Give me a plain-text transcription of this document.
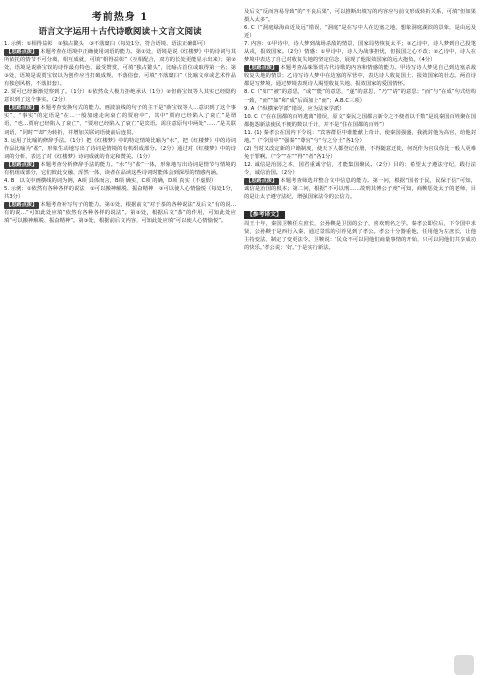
考前热身 1
语言文字运用＋古代诗歌阅读＋文言文阅读

1. 示例：①相得益彰　②独占鳌头　③不落窠臼（每处1分，符合语境、语法正确即可）

【思路点拨】 本题考查在语境中正确使用词语的能力。第①处，语境是说《红楼梦》中的诗词与其所依托的情节不可分离，相互成就，可填“相得益彰”（互相配合，双方的长处更能显示出来）；第②处，语境是说薛宝钗的诗作最有特色、最受赞赏，可填“独占鳌头”，比喻占首位或取得第一名；第③处，语境是说贾宝钗以为创作应当打破成规、不落俗套，可填“不落窠臼”（比喻文章或艺术作品有独创风格，不落旧套）。

2. 贾可已经渐渐觉察到了。（1分）①依然众人极力拒绝承认（1分）②但薛宝钗等人其实已经隐约意识到了这个事实。（2分）

【思路点拨】 本题考查变换句式的能力。画波浪线的句子的主干是“薛宝钗等人…意识到了这个事实”，“事实”的定语是“在…一般加速走向衰亡的贾府中”，其中“贾府已经陷入了衰亡”是谓语，“也…贾府已经陷入了衰亡”，“贾府已经陷入了衰亡”是宾语。需注意原句中两处“……”是关联词语，“同时”“却”为转折，并增加关联词语使前后连贯。

3. 运用了比喻的修辞手法。（1分）把《红楼梦》中的特定情境比喻为“水”，把《红楼梦》中的诗词作品比喻为“盐”，形象生动地写出了诗词是情境的有机组成部分。（2分）通过对《红楼梦》中的诗词的分析，表达了对《红楼梦》诗词成就的肯定和赞美。（1分）

【思路点拨】 本题考查分析修辞手法的能力。“水”与“盐”一体，形象地写出诗词是情节与情境的有机组成部分，它们彼此交融、浑然一体，读者在品读这些诗词时能体会到深厚的情感内涵。

4. B　以文中画横线的词为例，A项 具体而言，B项 确实，C项 的确，D项 真实（不虚假）

5. 示例：①依然有各种各样的说法　②可以搬神解脱、振奋精神　③可以使人心情愉悦（每处1分，共3分）

【思路点拨】 本题考查补写句子的能力。第①处，根据前文“对于茶的各种说法”及后文“有的说…有的说…”可知此处应填“依然有各种各样的说法”。第②处，根据后文“茶”的作用，可知此处应填“可以搬神解脱、振奋精神”。第③处，根据前后文内容，可知此处应填“可以使人心情愉悦”。

及后文“反而容易导致”的“不良后果”，可以推断出填写的内容应与前文形成转折关系，可填“但如果摄入太多”。

6. C（“洞庭绿海由近及远”错误，“洞庭”是在写中人在边塞之地，想象洞庭湖滨的景象，是由远及近）

7. 内容：①甲诗中，诗人梦到战场杀敌的情景，国家局势恢复太平；②乙诗中，诗人梦到自己投笔从戎，报效国家。（2分）情感：①甲诗中，诗人为战事担忧，但报国之心不改；②乙诗中，诗人在梦境中表达了自己对收复失地的坚定信念，展现了他报效国家的远大抱负。（4分）

【思路点拨】 本题考查品味鉴赏古代诗歌的内容和情感的能力。甲诗写诗人梦见自己到边塞杀敌收复失地的情景；乙诗写诗人梦中在边塞的军营中，表达诗人收复国土、报效国家的壮志。两首诗都是写梦境，通过梦境表现诗人渴望收复失地、报效国家的爱国情怀。

8. C（“如”“被”的意思，“或”“能”的意思，“遂”的意思，“乃”“请”的意思；“而”与“在成”句式结构一致，“而”“如”和“成”后面加上“而”；A.B.C三项）

9. A（“纵横家学派”错误，应为法家学派）

10. C（“在在国都的百姓逃离”错误，原文“秦民之国都言新令之不便者以千数”是说秦国百姓聚在国都抱怨新法使民不便的数以千计，并不是“住在国都的百姓”）

11. (1) 秦孝公在国内下令说：“宾客群臣中谁能献上奇计，使秦国强盛，我就封他为高官，给他封地。”（“令国中”“强秦”“尊官”与“与之分土”各1分）

(2) 当时又改定新的户籍制度，使天下人都登记在册，不得随意迁徙，何况作为官员你比一般人更难免于罪啊。（“令”“在”“得”“者”各1分）

12. 诚信是治国之本，国君重诚守信，才能集国聚民。（2分）目的：希望太子遵法守纪，践行法令，诚信治国。（2分）

【思路点拨】 本题考查筛选并整合文中信息的能力。第一问，根据“国者于民，民保于信”可知，诚信是治国的根本；第二问，根据“不可以刑……故刑其傅公子虔”可知，商鞅惩处太子的老师，目的是让太子遵守法纪，增强国家法令的公信力。

【参考译文】

周王十年，秦国卫鞅任左庶长，公孙鞅是卫国的公子，喜欢刑名之学。秦孝公即位后，下令国中求贤，公孙鞅于是西行入秦，通过景监的引荐见到了孝公。孝公十分器重他，任用他为左庶长，让他主持变法，制定了变更法令。卫鞅说：‘民众不可以同他们商量事情的开始，只可以同他们共享成功的快乐。’孝公说：‘好。’于是实行新法。
